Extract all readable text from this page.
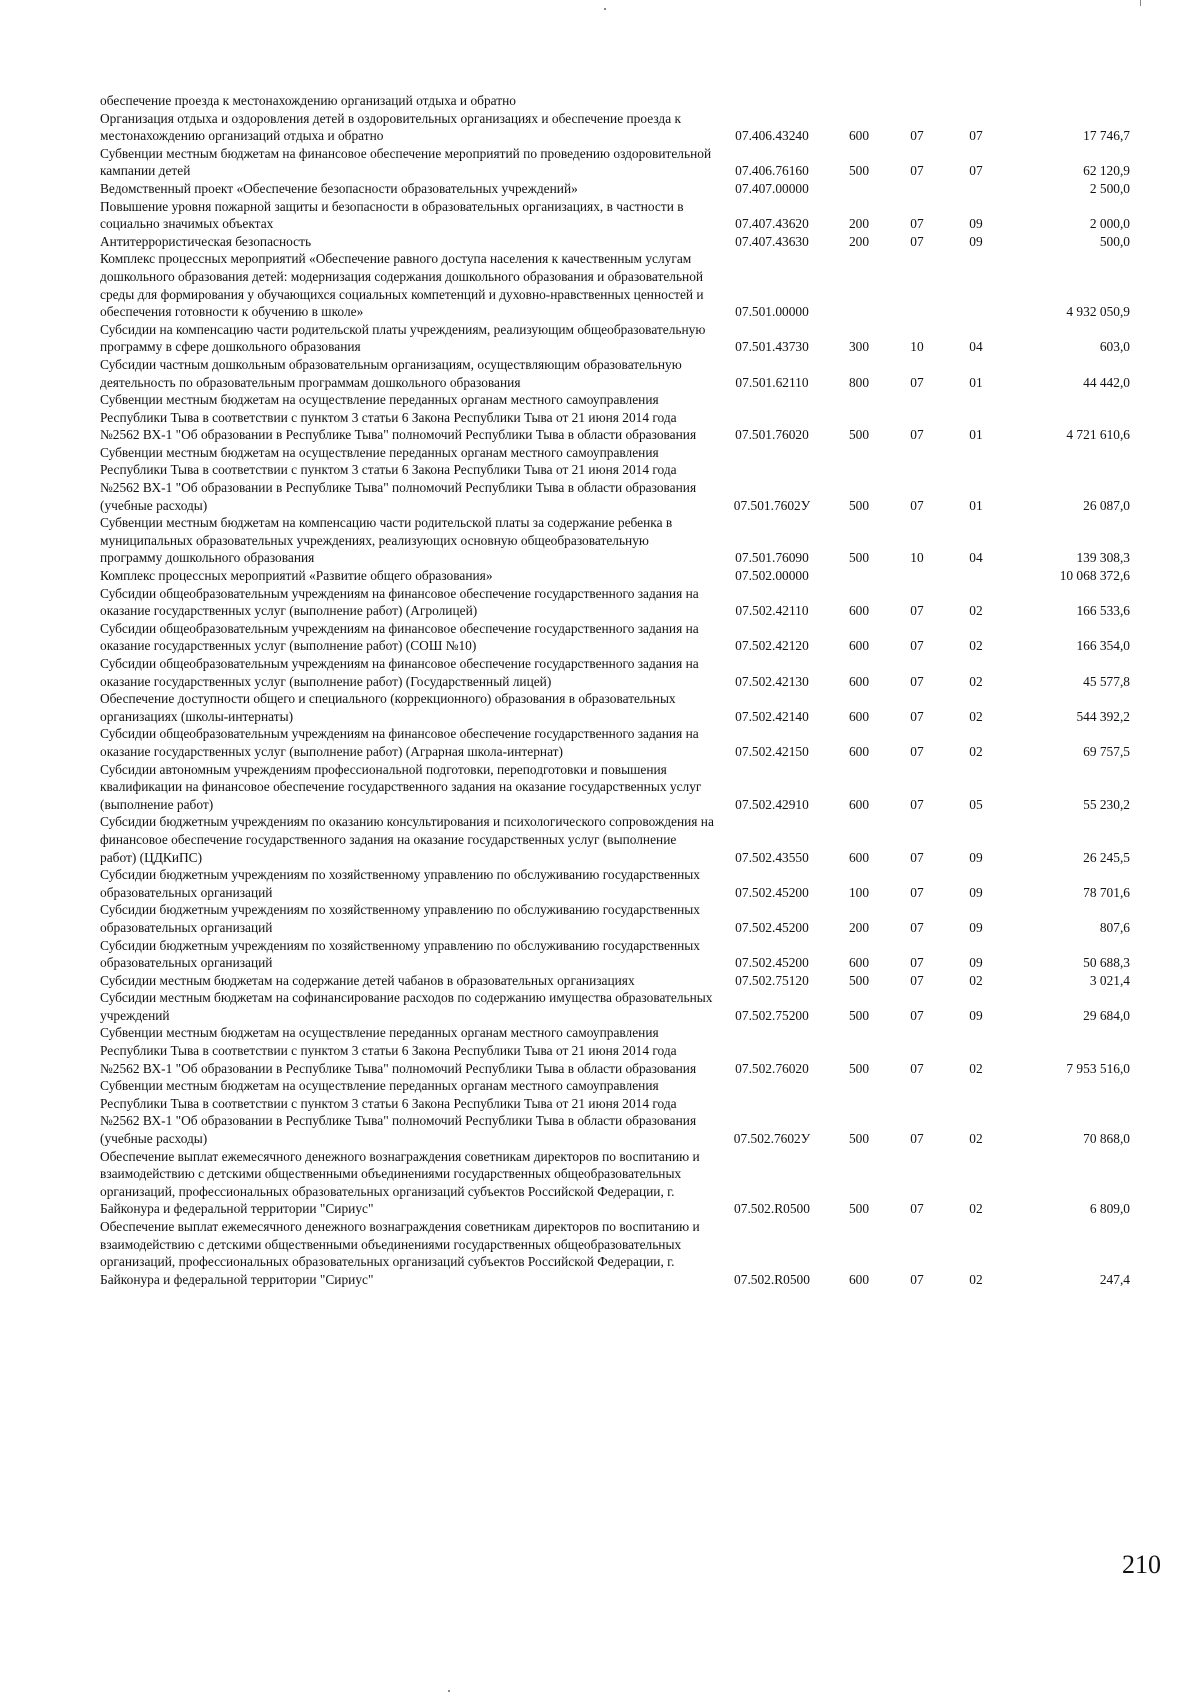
обеспечение проезда к местонахождению организаций отдыха и обратно					
Организация отдыха и оздоровления детей в оздоровительных организациях и обеспечение проезда к местонахождению организаций отдыха и обратно	07.406.43240	600	07	07	17 746,7
Субвенции местным бюджетам на финансовое обеспечение мероприятий по проведению оздоровительной кампании детей	07.406.76160	500	07	07	62 120,9
Ведомственный проект «Обеспечение безопасности образовательных учреждений»	07.407.00000				2 500,0
Повышение уровня пожарной защиты и безопасности в образовательных организациях, в частности в социально значимых объектах	07.407.43620	200	07	09	2 000,0
Антитеррористическая безопасность	07.407.43630	200	07	09	500,0
Комплекс процессных мероприятий «Обеспечение равного доступа населения к качественным услугам дошкольного образования детей: модернизация содержания дошкольного образования и образовательной среды для формирования у обучающихся социальных компетенций и духовно-нравственных ценностей и обеспечения готовности к обучению в школе»	07.501.00000				4 932 050,9
Субсидии на компенсацию части родительской платы учреждениям, реализующим общеобразовательную программу в сфере дошкольного образования	07.501.43730	300	10	04	603,0
Субсидии частным дошкольным образовательным организациям, осуществляющим образовательную деятельность по образовательным программам дошкольного образования	07.501.62110	800	07	01	44 442,0
Субвенции местным бюджетам на осуществление переданных органам местного самоуправления Республики Тыва в соответствии с пунктом 3 статьи 6 Закона Республики Тыва от 21 июня 2014 года №2562 ВХ-1 "Об образовании в Республике Тыва" полномочий Республики Тыва в области образования	07.501.76020	500	07	01	4 721 610,6
Субвенции местным бюджетам на осуществление переданных органам местного самоуправления Республики Тыва в соответствии с пунктом 3 статьи 6 Закона Республики Тыва от 21 июня 2014 года №2562 ВХ-1 "Об образовании в Республике Тыва" полномочий Республики Тыва в области образования (учебные расходы)	07.501.7602У	500	07	01	26 087,0
Субвенции местным бюджетам на компенсацию части родительской платы за содержание ребенка в муниципальных образовательных учреждениях, реализующих основную общеобразовательную программу дошкольного образования	07.501.76090	500	10	04	139 308,3
Комплекс процессных мероприятий «Развитие общего образования»	07.502.00000				10 068 372,6
Субсидии общеобразовательным учреждениям на финансовое обеспечение государственного задания на оказание государственных услуг (выполнение работ) (Агролицей)	07.502.42110	600	07	02	166 533,6
Субсидии общеобразовательным учреждениям на финансовое обеспечение государственного задания на оказание государственных услуг (выполнение работ) (СОШ №10)	07.502.42120	600	07	02	166 354,0
Субсидии общеобразовательным учреждениям на финансовое обеспечение государственного задания на оказание государственных услуг (выполнение работ) (Государственный лицей)	07.502.42130	600	07	02	45 577,8
Обеспечение доступности общего и специального (коррекционного) образования в образовательных организациях (школы-интернаты)	07.502.42140	600	07	02	544 392,2
Субсидии общеобразовательным учреждениям на финансовое обеспечение государственного задания на оказание государственных услуг (выполнение работ) (Аграрная школа-интернат)	07.502.42150	600	07	02	69 757,5
Субсидии автономным учреждениям профессиональной подготовки, переподготовки и повышения квалификации на финансовое обеспечение государственного задания на оказание государственных услуг (выполнение работ)	07.502.42910	600	07	05	55 230,2
Субсидии бюджетным учреждениям по оказанию консультирования и психологического сопровождения на финансовое обеспечение государственного задания на оказание государственных услуг (выполнение работ) (ЦДКиПС)	07.502.43550	600	07	09	26 245,5
Субсидии бюджетным учреждениям по хозяйственному управлению по обслуживанию государственных образовательных организаций	07.502.45200	100	07	09	78 701,6
Субсидии бюджетным учреждениям по хозяйственному управлению по обслуживанию государственных образовательных организаций	07.502.45200	200	07	09	807,6
Субсидии бюджетным учреждениям по хозяйственному управлению по обслуживанию государственных образовательных организаций	07.502.45200	600	07	09	50 688,3
Субсидии местным бюджетам на содержание детей чабанов в образовательных организациях	07.502.75120	500	07	02	3 021,4
Субсидии местным бюджетам на софинансирование расходов по содержанию имущества образовательных учреждений	07.502.75200	500	07	09	29 684,0
Субвенции местным бюджетам на осуществление переданных органам местного самоуправления Республики Тыва в соответствии с пунктом 3 статьи 6 Закона Республики Тыва от 21 июня 2014 года №2562 ВХ-1 "Об образовании в Республике Тыва" полномочий Республики Тыва в области образования	07.502.76020	500	07	02	7 953 516,0
Субвенции местным бюджетам на осуществление переданных органам местного самоуправления Республики Тыва в соответствии с пунктом 3 статьи 6 Закона Республики Тыва от 21 июня 2014 года №2562 ВХ-1 "Об образовании в Республике Тыва" полномочий Республики Тыва в области образования (учебные расходы)	07.502.7602У	500	07	02	70 868,0
Обеспечение выплат ежемесячного денежного вознаграждения советникам директоров по воспитанию и взаимодействию с детскими общественными объединениями государственных общеобразовательных организаций, профессиональных образовательных организаций субъектов Российской Федерации, г. Байконура и федеральной территории "Сириус"	07.502.R0500	500	07	02	6 809,0
Обеспечение выплат ежемесячного денежного вознаграждения советникам директоров по воспитанию и взаимодействию с детскими общественными объединениями государственных общеобразовательных организаций, профессиональных образовательных организаций субъектов Российской Федерации, г. Байконура и федеральной территории "Сириус"	07.502.R0500	600	07	02	247,4
210
